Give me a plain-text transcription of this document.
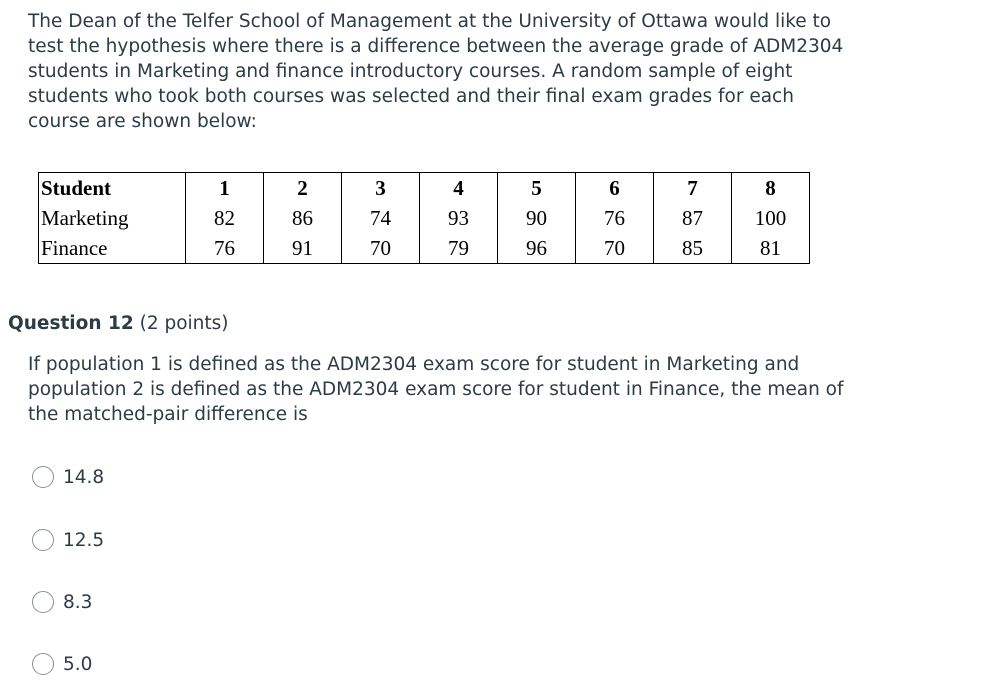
The Dean of the Telfer School of Management at the University of Ottawa would like to test the hypothesis where there is a difference between the average grade of ADM2304 students in Marketing and finance introductory courses. A random sample of eight students who took both courses was selected and their final exam grades for each course are shown below:

Student	1	2	3	4	5	6	7	8
Marketing	82	86	74	93	90	76	87	100
Finance	76	91	70	79	96	70	85	81
Question 12 (2 points)

If population 1 is defined as the ADM2304 exam score for student in Marketing and population 2 is defined as the ADM2304 exam score for student in Finance, the mean of the matched-pair difference is

14.8
12.5
8.3
5.0
